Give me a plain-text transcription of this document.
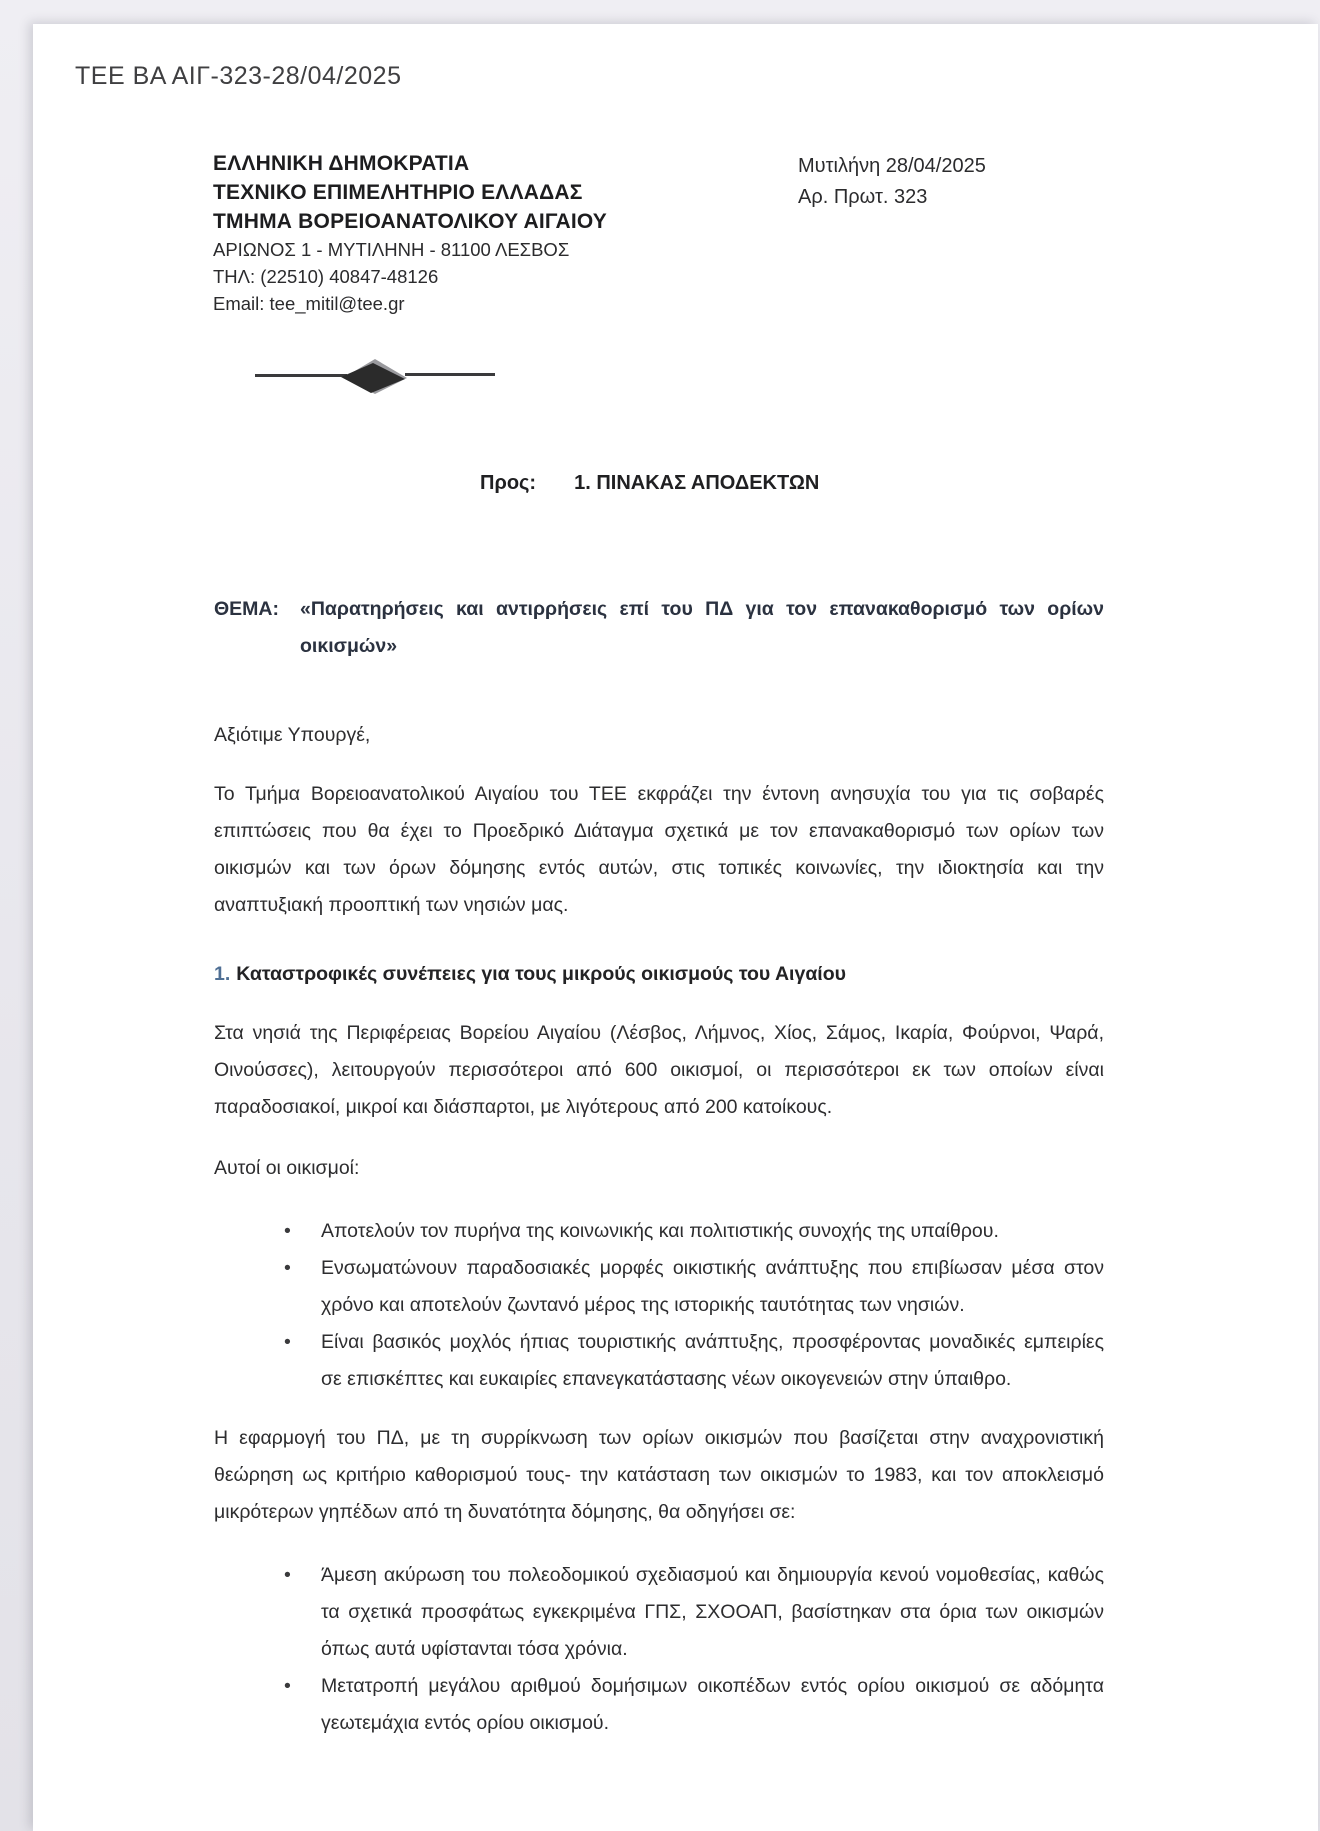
ΤΕΕ ΒΑ ΑΙΓ-323-28/04/2025
ΕΛΛΗΝΙΚΗ ΔΗΜΟΚΡΑΤΙΑ
ΤΕΧΝΙΚΟ ΕΠΙΜΕΛΗΤΗΡΙΟ ΕΛΛΑΔΑΣ
ΤΜΗΜΑ ΒΟΡΕΙΟΑΝΑΤΟΛΙΚΟΥ ΑΙΓΑΙΟΥ
ΑΡΙΩΝΟΣ 1 - ΜΥΤΙΛΗΝΗ - 81100 ΛΕΣΒΟΣ
ΤΗΛ: (22510) 40847-48126
Email: tee_mitil@tee.gr
Μυτιλήνη 28/04/2025
Αρ. Πρωτ. 323
Προς: 1. ΠΙΝΑΚΑΣ ΑΠΟΔΕΚΤΩΝ
ΘΕΜΑ:	«Παρατηρήσεις και αντιρρήσεις επί του ΠΔ για τον επανακαθορισμό των ορίων οικισμών»

Αξιότιμε Υπουργέ,

Το Τμήμα Βορειοανατολικού Αιγαίου του ΤΕΕ εκφράζει την έντονη ανησυχία του για τις σοβαρές επιπτώσεις που θα έχει το Προεδρικό Διάταγμα σχετικά με τον επανακαθορισμό των ορίων των οικισμών και των όρων δόμησης εντός αυτών, στις τοπικές κοινωνίες, την ιδιοκτησία και την αναπτυξιακή προοπτική των νησιών μας.

1. Καταστροφικές συνέπειες για τους μικρούς οικισμούς του Αιγαίου

Στα νησιά της Περιφέρειας Βορείου Αιγαίου (Λέσβος, Λήμνος, Χίος, Σάμος, Ικαρία, Φούρνοι, Ψαρά, Οινούσσες), λειτουργούν περισσότεροι από 600 οικισμοί, οι περισσότεροι εκ των οποίων είναι παραδοσιακοί, μικροί και διάσπαρτοι, με λιγότερους από 200 κατοίκους.

Αυτοί οι οικισμοί:

• Αποτελούν τον πυρήνα της κοινωνικής και πολιτιστικής συνοχής της υπαίθρου.
• Ενσωματώνουν παραδοσιακές μορφές οικιστικής ανάπτυξης που επιβίωσαν μέσα στον χρόνο και αποτελούν ζωντανό μέρος της ιστορικής ταυτότητας των νησιών.
• Είναι βασικός μοχλός ήπιας τουριστικής ανάπτυξης, προσφέροντας μοναδικές εμπειρίες σε επισκέπτες και ευκαιρίες επανεγκατάστασης νέων οικογενειών στην ύπαιθρο.

Η εφαρμογή του ΠΔ, με τη συρρίκνωση των ορίων οικισμών που βασίζεται στην αναχρονιστική θεώρηση ως κριτήριο καθορισμού τους- την κατάσταση των οικισμών το 1983, και τον αποκλεισμό μικρότερων γηπέδων από τη δυνατότητα δόμησης, θα οδηγήσει σε:

• Άμεση ακύρωση του πολεοδομικού σχεδιασμού και δημιουργία κενού νομοθεσίας, καθώς τα σχετικά προσφάτως εγκεκριμένα ΓΠΣ, ΣΧΟΟΑΠ, βασίστηκαν στα όρια των οικισμών όπως αυτά υφίστανται τόσα χρόνια.
• Μετατροπή μεγάλου αριθμού δομήσιμων οικοπέδων εντός ορίου οικισμού σε αδόμητα γεωτεμάχια εντός ορίου οικισμού.
